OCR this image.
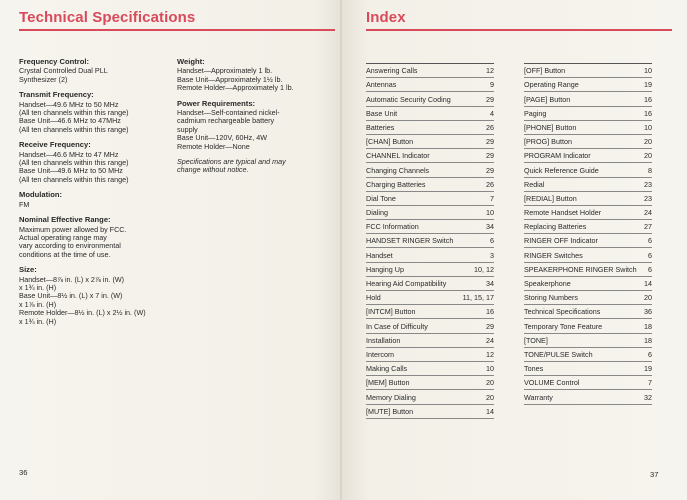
Technical Specifications
Frequency Control:
Crystal Controlled Dual PLL
Synthesizer (2)
Transmit Frequency:
Handset—49.6 MHz to 50 MHz
(All ten channels within this range)
Base Unit—46.6 MHz to 47MHz
(All ten channels within this range)
Receive Frequency:
Handset—46.6 MHz to 47 MHz
(All ten channels within this range)
Base Unit—49.6 MHz to 50 MHz
(All ten channels within this range)
Modulation:
FM
Nominal Effective Range:
Maximum power allowed by FCC.
Actual operating range may
vary according to environmental
conditions at the time of use.
Size:
Handset—8⅞ in. (L) x 2⅞ in. (W)
x 1¾ in. (H)
Base Unit—8½ in. (L) x 7 in. (W)
x 1⅞ in. (H)
Remote Holder—8½ in. (L) x 2½ in. (W)
x 1¾ in. (H)
Weight:
Handset—Approximately 1 lb.
Base Unit—Approximately 1½ lb.
Remote Holder—Approximately 1 lb.
Power Requirements:
Handset—Self-contained nickel-
cadmium rechargeable battery
supply
Base Unit—120V, 60Hz, 4W
Remote Holder—None
Specifications are typical and may
change without notice.
36
Index
Answering Calls	12
Antennas	9
Automatic Security Coding	29
Base Unit	4
Batteries	26
[CHAN] Button	29
CHANNEL Indicator	29
Changing Channels	29
Charging Batteries	26
Dial Tone	7
Dialing	10
FCC Information	34
HANDSET RINGER Switch	6
Handset	3
Hanging Up	10, 12
Hearing Aid Compatibility	34
Hold	11, 15, 17
[INTCM] Button	16
In Case of Difficulty	29
Installation	24
Intercom	12
Making Calls	10
[MEM] Button	20
Memory Dialing	20
[MUTE] Button	14
[OFF] Button	10
Operating Range	19
[PAGE] Button	16
Paging	16
[PHONE] Button	10
[PROG] Button	20
PROGRAM Indicator	20
Quick Reference Guide	8
Redial	23
[REDIAL] Button	23
Remote Handset Holder	24
Replacing Batteries	27
RINGER OFF Indicator	6
RINGER Switches	6
SPEAKERPHONE RINGER Switch 6
Speakerphone	14
Storing Numbers	20
Technical Specifications	36
Temporary Tone Feature	18
[TONE]	18
TONE/PULSE Switch	6
Tones	19
VOLUME Control	7
Warranty	32
37
